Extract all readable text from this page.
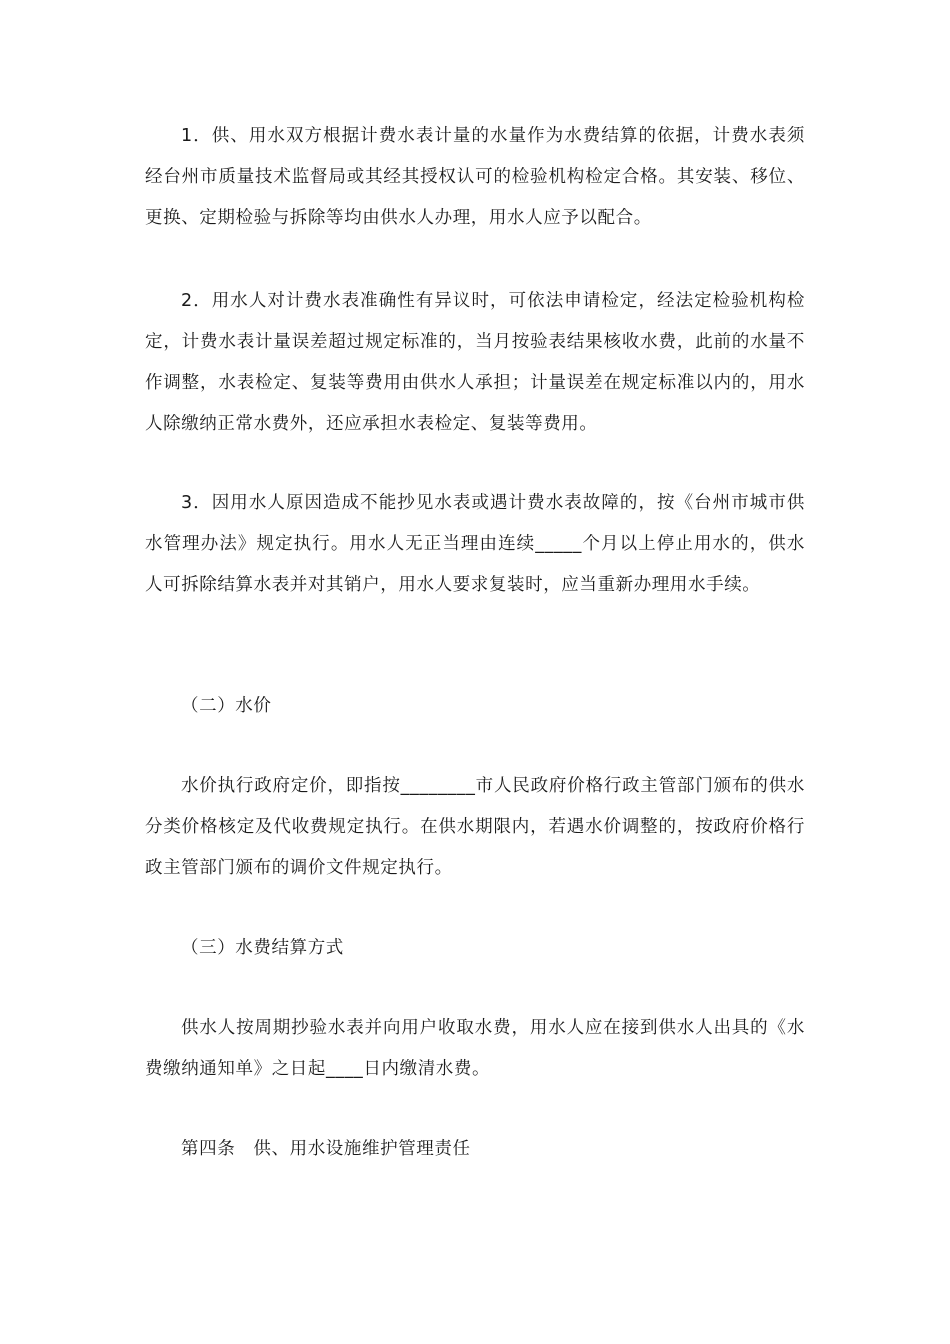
1．供、用水双方根据计费水表计量的水量作为水费结算的依据，计费水表须经台州市质量技术监督局或其经其授权认可的检验机构检定合格。其安装、移位、更换、定期检验与拆除等均由供水人办理，用水人应予以配合。

2．用水人对计费水表准确性有异议时，可依法申请检定，经法定检验机构检定，计费水表计量误差超过规定标准的，当月按验表结果核收水费，此前的水量不作调整，水表检定、复装等费用由供水人承担；计量误差在规定标准以内的，用水人除缴纳正常水费外，还应承担水表检定、复装等费用。

3．因用水人原因造成不能抄见水表或遇计费水表故障的，按《台州市城市供水管理办法》规定执行。用水人无正当理由连续_____个月以上停止用水的，供水人可拆除结算水表并对其销户，用水人要求复装时，应当重新办理用水手续。

（二）水价

水价执行政府定价，即指按________市人民政府价格行政主管部门颁布的供水分类价格核定及代收费规定执行。在供水期限内，若遇水价调整的，按政府价格行政主管部门颁布的调价文件规定执行。

（三）水费结算方式

供水人按周期抄验水表并向用户收取水费，用水人应在接到供水人出具的《水费缴纳通知单》之日起____日内缴清水费。

第四条　供、用水设施维护管理责任
